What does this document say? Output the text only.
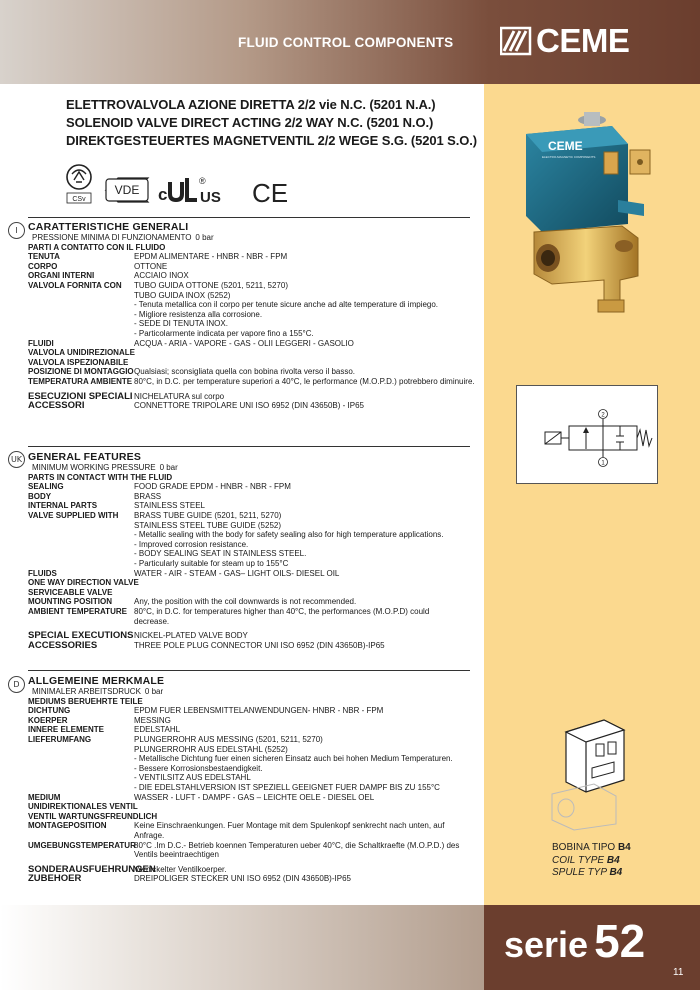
FLUID CONTROL COMPONENTS	CEME
ELETTROVALVOLA AZIONE DIRETTA 2/2 vie N.C. (5201 N.A.)
SOLENOID VALVE DIRECT ACTING 2/2 WAY N.C. (5201 N.O.)
DIREKTGESTEUERTES MAGNETVENTIL 2/2 WEGE S.G. (5201 S.O.)
CSv
VDE c
®
US CE
CEME
ELECTRO-MAGNETIC COMPONENTS
2
1
BOBINA TIPO B4
COIL TYPE B4
SPULE TYP B4
I CARATTERISTICHE GENERALI
PRESSIONE MINIMA DI FUNZIONAMENTO 0 bar
PARTI A CONTATTO CON IL FLUIDO
TENUTA	EPDM ALIMENTARE - HNBR - NBR - FPM
CORPO	OTTONE
ORGANI INTERNI	ACCIAIO INOX
VALVOLA FORNITA CON TUBO GUIDA OTTONE (5201, 5211, 5270)
TUBO GUIDA INOX (5252)
- Tenuta metallica con il corpo per tenute sicure anche ad alte temperature di impiego.
- Migliore resistenza alla corrosione.
- SEDE DI TENUTA INOX.
- Particolarmente indicata per vapore fino a 155°C.
FLUIDI	ACQUA - ARIA - VAPORE - GAS - OLII LEGGERI - GASOLIO
VALVOLA UNIDIREZIONALE

VALVOLA ISPEZIONABILE

POSIZIONE DI MONTAGGIO Qualsiasi; sconsigliata quella con bobina rivolta verso il basso.
TEMPERATURA AMBIENTE 80°C, in D.C. per temperature superiori a 40°C, le performance (M.O.P.D.) potrebbero diminuire.
ESECUZIONI SPECIALI NICHELATURA sul corpo
ACCESSORI	CONNETTORE TRIPOLARE UNI ISO 6952 (DIN 43650B) - IP65
UK GENERAL FEATURES
MINIMUM WORKING PRESSURE 0 bar
PARTS IN CONTACT WITH THE FLUID
SEALING	FOOD GRADE EPDM - HNBR - NBR - FPM
BODY	BRASS
INTERNAL PARTS	STAINLESS STEEL
VALVE SUPPLIED WITH BRASS TUBE GUIDE (5201, 5211, 5270)
STAINLESS STEEL TUBE GUIDE (5252)
- Metallic sealing with the body for safety sealing also for high temperature applications.
- Improved corrosion resistance.
- BODY SEALING SEAT IN STAINLESS STEEL.
- Particularly suitable for steam up to 155°C
FLUIDS	WATER - AIR - STEAM - GAS– LIGHT OILS- DIESEL OIL
ONE WAY DIRECTION VALVE

SERVICEABLE VALVE

MOUNTING POSITION	Any, the position with the coil downwards is not recommended.
AMBIENT TEMPERATURE 80°C, in D.C. for temperatures higher than 40°C, the performances (M.O.P.D) could
decrease.
SPECIAL EXECUTIONS NICKEL-PLATED VALVE BODY
ACCESSORIES	THREE POLE PLUG CONNECTOR UNI ISO 6952 (DIN 43650B)-IP65
D ALLGEMEINE MERKMALE
MINIMALER ARBEITSDRUCK 0 bar
MEDIUMS BERUEHRTE TEILE
DICHTUNG	EPDM FUER LEBENSMITTELANWENDUNGEN- HNBR - NBR - FPM
KOERPER	MESSING
INNERE ELEMENTE	EDELSTAHL
LIEFERUMFANG	PLUNGERROHR AUS MESSING (5201, 5211, 5270)
PLUNGERROHR AUS EDELSTAHL (5252)
- Metallische Dichtung fuer einen sicheren Einsatz auch bei hohen Medium Temperaturen.
- Bessere Korrosionsbestaendigkeit.
- VENTILSITZ AUS EDELSTAHL
- DIE EDELSTAHLVERSION IST SPEZIELL GEEIGNET FUER DAMPF BIS ZU 155°C
MEDIUM	WASSER - LUFT - DAMPF - GAS – LEICHTE OELE - DIESEL OEL
UNIDIREKTIONALES VENTIL

VENTIL WARTUNGSFREUNDLICH

MONTAGEPOSITION	Keine Einschraenkungen. Fuer Montage mit dem Spulenkopf senkrecht nach unten, auf
Anfrage.
UMGEBUNGSTEMPERATUR
80°C .Im D.C.- Betrieb koennen Temperaturen ueber 40°C, die Schaltkraefte (M.O.P.D.) des
Ventils beeintraechtigen
SONDERAUSFUEHRUNGEN
Vernickelter Ventilkoerper.
ZUBEHOER	DREIPOLIGER STECKER UNI ISO 6952 (DIN 43650B)-IP65
serie 52
11
